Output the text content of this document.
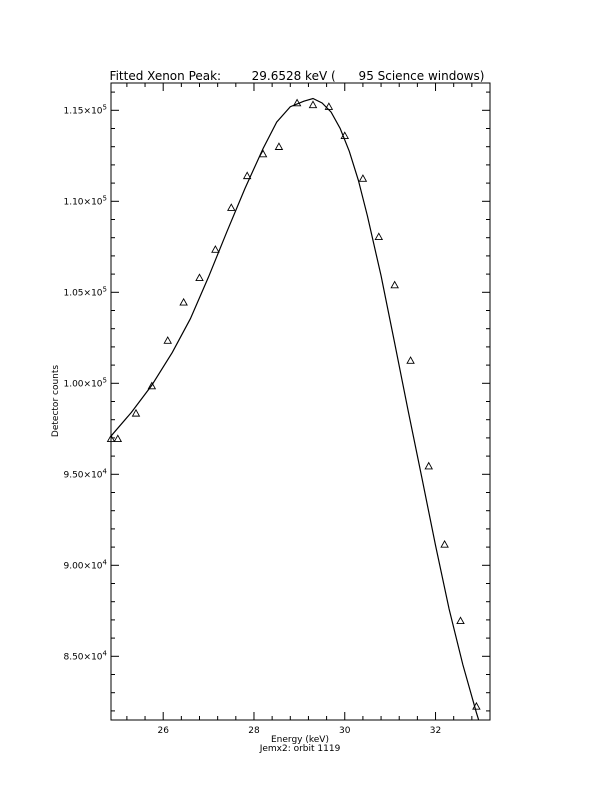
Fitted Xenon Peak:        29.6528 keV (      95 Science windows)
26	28	30	32
$8.50\times 10^4$
$9.00\times 10^4$
$9.50\times 10^4$
$1.00\times 10^5$
$1.05\times 10^5$
$1.10\times 10^5$
$1.15\times 10^5$
Energy (keV)
Jemx2: orbit 1119
Detector counts
